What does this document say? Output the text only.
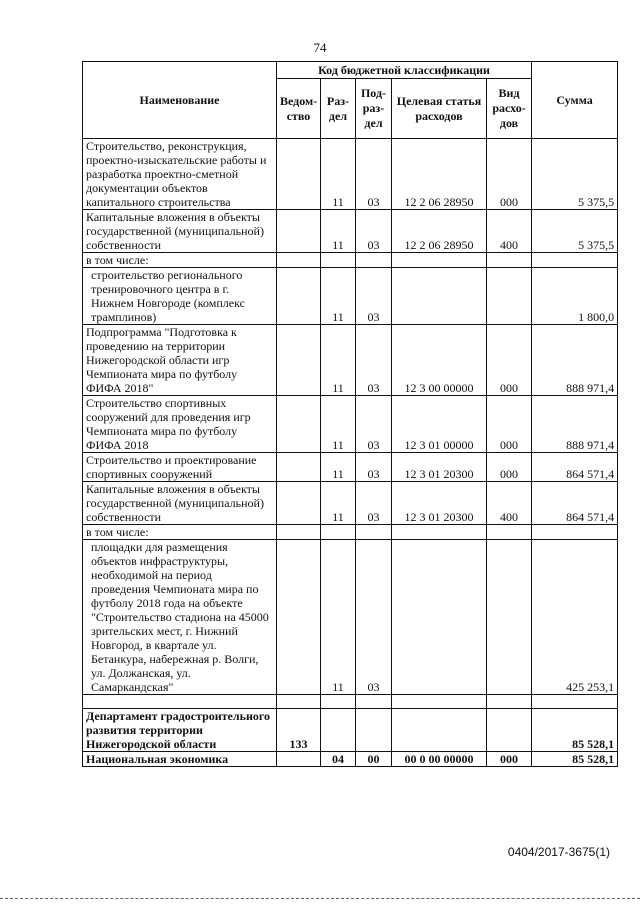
74
Наименование	Код бюджетной классификации					Сумма
	Ведом-ство	Раз-дел	Под-раз-дел	Целевая статья расходов	Вид расхо-дов	
Строительство, реконструкция, проектно-изыскательские работы и разработка проектно-сметной документации объектов капитального строительства		11	03	12 2 06 28950	000	5 375,5
Капитальные вложения в объекты государственной (муниципальной) собственности		11	03	12 2 06 28950	400	5 375,5
в том числе:						
строительство регионального тренировочного центра в г. Нижнем Новгороде (комплекс трамплинов)		11	03			1 800,0
Подпрограмма "Подготовка к проведению на территории Нижегородской области игр Чемпионата мира по футболу ФИФА 2018"		11	03	12 3 00 00000	000	888 971,4
Строительство спортивных сооружений для проведения игр Чемпионата мира по футболу ФИФА 2018		11	03	12 3 01 00000	000	888 971,4
Строительство и проектирование спортивных сооружений		11	03	12 3 01 20300	000	864 571,4
Капитальные вложения в объекты государственной (муниципальной) собственности		11	03	12 3 01 20300	400	864 571,4
в том числе:						
площадки для размещения объектов инфраструктуры, необходимой на период проведения Чемпионата мира по футболу 2018 года на объекте "Строительство стадиона на 45000 зрительских мест, г. Нижний Новгород, в квартале ул. Бетанкура, набережная р. Волги, ул. Должанская, ул. Самаркандская"		11	03			425 253,1

Департамент градостроительного развития территории Нижегородской области	133					85 528,1
Национальная экономика		04	00	00 0 00 00000	000	85 528,1
0404/2017-3675(1)
